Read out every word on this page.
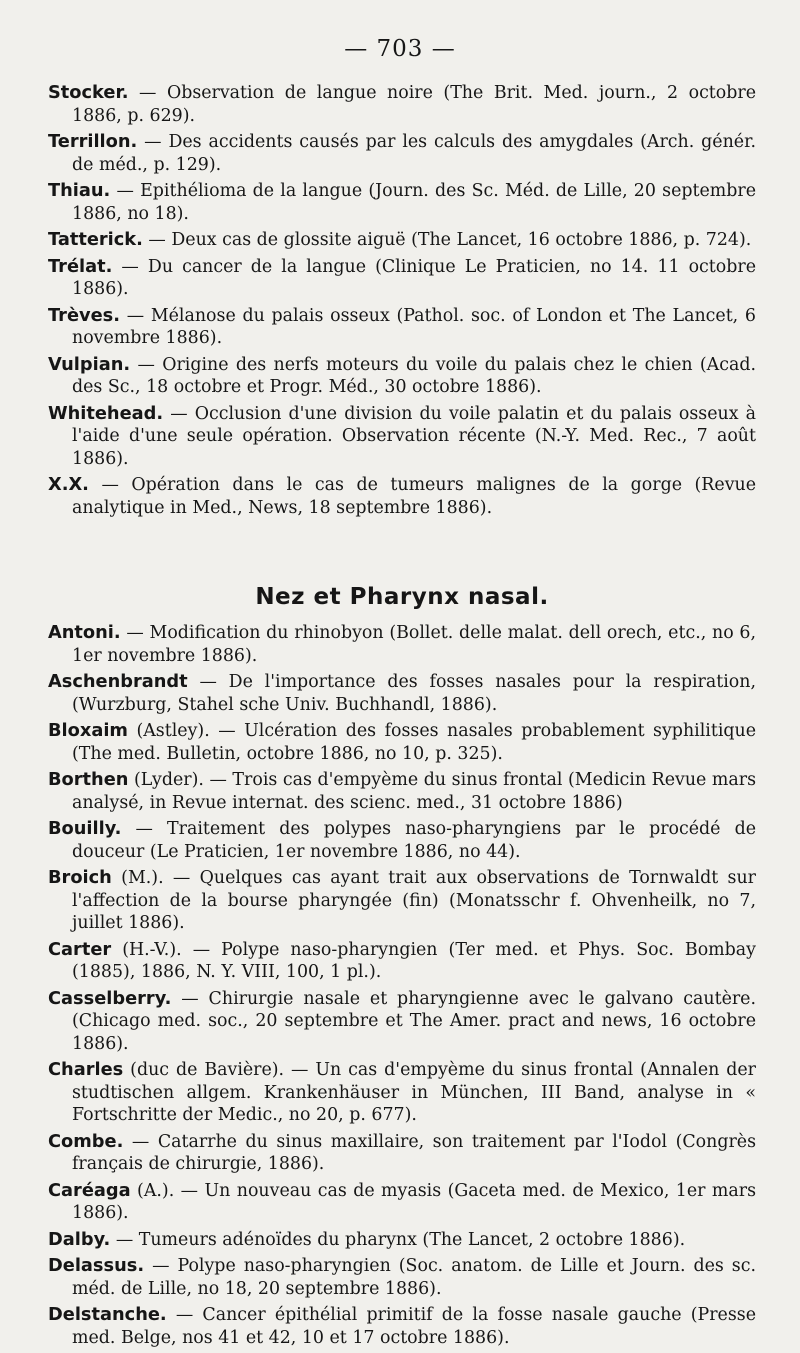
— 703 —

Stocker. — Observation de langue noire (The Brit. Med. journ., 2 octobre 1886, p. 629).

Terrillon. — Des accidents causés par les calculs des amygdales (Arch. génér. de méd., p. 129).

Thiau. — Epithélioma de la langue (Journ. des Sc. Méd. de Lille, 20 septembre 1886, no 18).

Tatterick. — Deux cas de glossite aiguë (The Lancet, 16 octobre 1886, p. 724).

Trélat. — Du cancer de la langue (Clinique Le Praticien, no 14. 11 octobre 1886).

Trèves. — Mélanose du palais osseux (Pathol. soc. of London et The Lancet, 6 novembre 1886).

Vulpian. — Origine des nerfs moteurs du voile du palais chez le chien (Acad. des Sc., 18 octobre et Progr. Méd., 30 octobre 1886).

Whitehead. — Occlusion d'une division du voile palatin et du palais osseux à l'aide d'une seule opération. Observation récente (N.-Y. Med. Rec., 7 août 1886).

X.X. — Opération dans le cas de tumeurs malignes de la gorge (Revue analytique in Med., News, 18 septembre 1886).

Nez et Pharynx nasal.

Antoni. — Modification du rhinobyon (Bollet. delle malat. dell orech, etc., no 6, 1er novembre 1886).

Aschenbrandt — De l'importance des fosses nasales pour la respiration, (Wurzburg, Stahel sche Univ. Buchhandl, 1886).

Bloxaim (Astley). — Ulcération des fosses nasales probablement syphilitique (The med. Bulletin, octobre 1886, no 10, p. 325).

Borthen (Lyder). — Trois cas d'empyème du sinus frontal (Medicin Revue mars analysé, in Revue internat. des scienc. med., 31 octobre 1886)

Bouilly. — Traitement des polypes naso-pharyngiens par le procédé de douceur (Le Praticien, 1er novembre 1886, no 44).

Broich (M.). — Quelques cas ayant trait aux observations de Tornwaldt sur l'affection de la bourse pharyngée (fin) (Monatsschr f. Ohvenheilk, no 7, juillet 1886).

Carter (H.-V.). — Polype naso-pharyngien (Ter med. et Phys. Soc. Bombay (1885), 1886, N. Y. VIII, 100, 1 pl.).

Casselberry. — Chirurgie nasale et pharyngienne avec le galvano cautère. (Chicago med. soc., 20 septembre et The Amer. pract and news, 16 octobre 1886).

Charles (duc de Bavière). — Un cas d'empyème du sinus frontal (Annalen der studtischen allgem. Krankenhäuser in München, III Band, analyse in « Fortschritte der Medic., no 20, p. 677).

Combe. — Catarrhe du sinus maxillaire, son traitement par l'Iodol (Congrès français de chirurgie, 1886).

Caréaga (A.). — Un nouveau cas de myasis (Gaceta med. de Mexico, 1er mars 1886).

Dalby. — Tumeurs adénoïdes du pharynx (The Lancet, 2 octobre 1886).

Delassus. — Polype naso-pharyngien (Soc. anatom. de Lille et Journ. des sc. méd. de Lille, no 18, 20 septembre 1886).

Delstanche. — Cancer épithélial primitif de la fosse nasale gauche (Presse med. Belge, nos 41 et 42, 10 et 17 octobre 1886).
